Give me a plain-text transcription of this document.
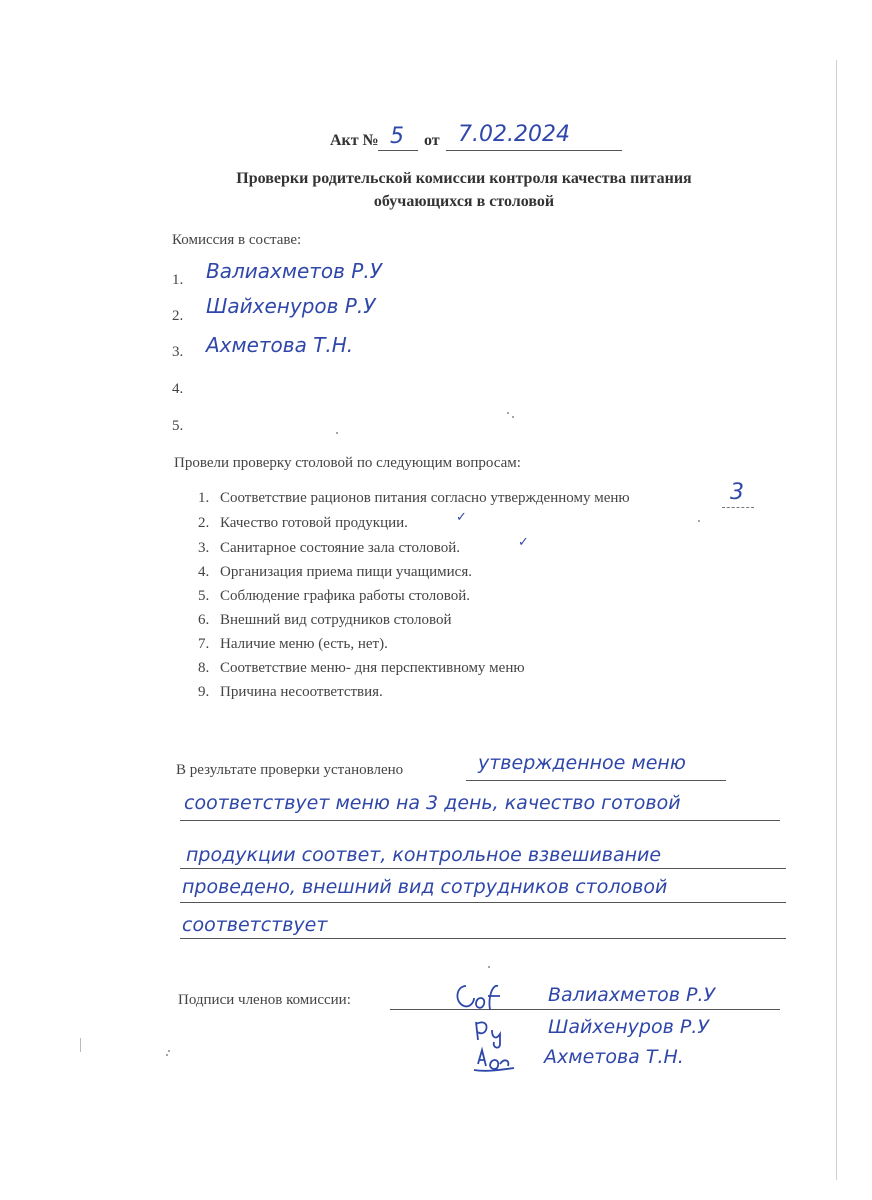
Акт № 5 от 7.02.2024
Проверки родительской комиссии контроля качества питания
обучающихся в столовой
Комиссия в составе:
1. Валиахметов Р.У
2. Шайхенуров Р.У
3. Ахметова Т.Н.
4.
5.
Провели проверку столовой по следующим вопросам:
1. Соответствие рационов питания согласно утвержденному меню	3
2. Качество готовой продукции.	✓
3. Санитарное состояние зала столовой.	✓
4. Организация приема пищи учащимися.
5. Соблюдение графика работы столовой.
6. Внешний вид сотрудников столовой
7. Наличие меню (есть, нет).
8. Соответствие меню- дня перспективному меню
9. Причина несоответствия.
В результате проверки установлено	утвержденное меню
соответствует меню на 3 день, качество готовой
продукции соответ, контрольное взвешивание
проведено, внешний вид сотрудников столовой
соответствует
Подписи членов комиссии:	Валиахметов Р.У
Шайхенуров Р.У
Ахметова Т.Н.
